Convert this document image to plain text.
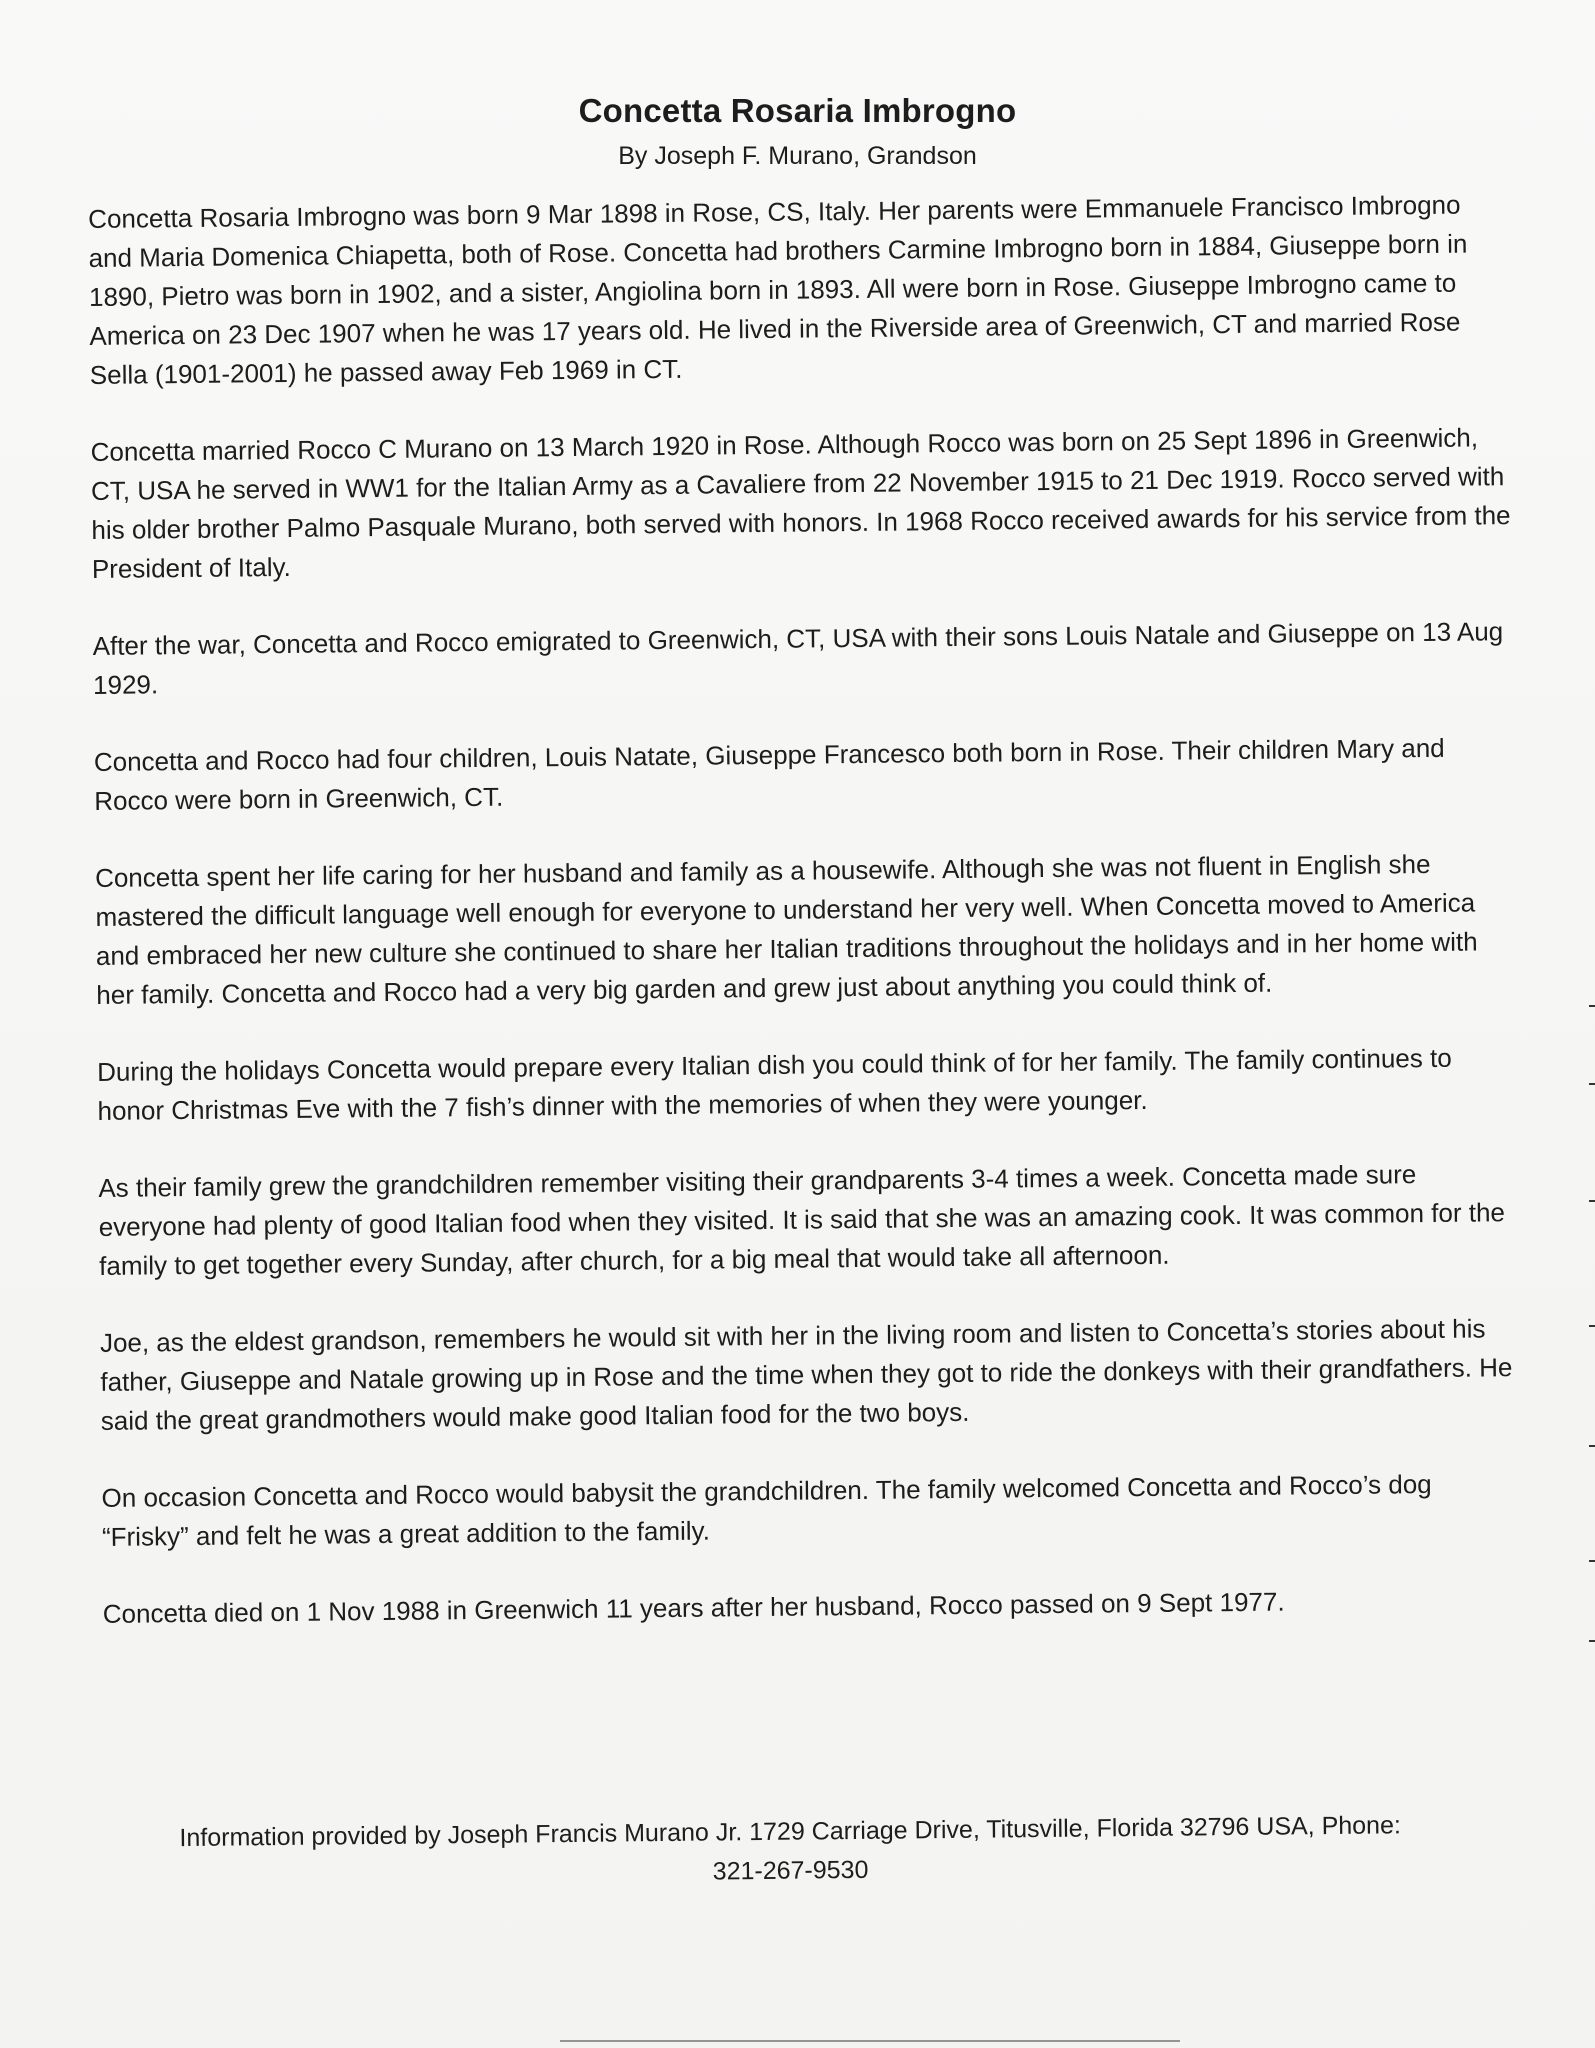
Concetta Rosaria Imbrogno
By Joseph F. Murano, Grandson

Concetta Rosaria Imbrogno was born 9 Mar 1898 in Rose, CS, Italy. Her parents were Emmanuele Francisco Imbrogno and Maria Domenica Chiapetta, both of Rose. Concetta had brothers Carmine Imbrogno born in 1884, Giuseppe born in 1890, Pietro was born in 1902, and a sister, Angiolina born in 1893. All were born in Rose. Giuseppe Imbrogno came to America on 23 Dec 1907 when he was 17 years old. He lived in the Riverside area of Greenwich, CT and married Rose Sella (1901-2001) he passed away Feb 1969 in CT.

Concetta married Rocco C Murano on 13 March 1920 in Rose. Although Rocco was born on 25 Sept 1896 in Greenwich, CT, USA he served in WW1 for the Italian Army as a Cavaliere from 22 November 1915 to 21 Dec 1919. Rocco served with his older brother Palmo Pasquale Murano, both served with honors. In 1968 Rocco received awards for his service from the President of Italy.

After the war, Concetta and Rocco emigrated to Greenwich, CT, USA with their sons Louis Natale and Giuseppe on 13 Aug 1929.

Concetta and Rocco had four children, Louis Natate, Giuseppe Francesco both born in Rose. Their children Mary and Rocco were born in Greenwich, CT.

Concetta spent her life caring for her husband and family as a housewife. Although she was not fluent in English she mastered the difficult language well enough for everyone to understand her very well. When Concetta moved to America and embraced her new culture she continued to share her Italian traditions throughout the holidays and in her home with her family. Concetta and Rocco had a very big garden and grew just about anything you could think of.

During the holidays Concetta would prepare every Italian dish you could think of for her family. The family continues to honor Christmas Eve with the 7 fish’s dinner with the memories of when they were younger.

As their family grew the grandchildren remember visiting their grandparents 3-4 times a week. Concetta made sure everyone had plenty of good Italian food when they visited. It is said that she was an amazing cook. It was common for the family to get together every Sunday, after church, for a big meal that would take all afternoon.

Joe, as the eldest grandson, remembers he would sit with her in the living room and listen to Concetta’s stories about his father, Giuseppe and Natale growing up in Rose and the time when they got to ride the donkeys with their grandfathers. He said the great grandmothers would make good Italian food for the two boys.

On occasion Concetta and Rocco would babysit the grandchildren. The family welcomed Concetta and Rocco’s dog “Frisky” and felt he was a great addition to the family.

Concetta died on 1 Nov 1988 in Greenwich 11 years after her husband, Rocco passed on 9 Sept 1977.

Information provided by Joseph Francis Murano Jr. 1729 Carriage Drive, Titusville, Florida 32796 USA, Phone:
321-267-9530
